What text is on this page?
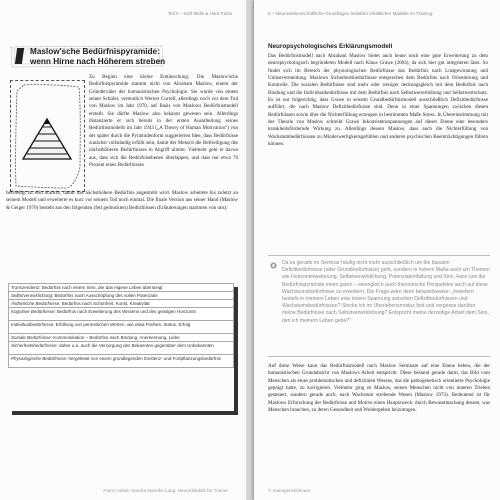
Teil II – Soft Skills & Hard Facts
Maslow'sche Bedürfnispyramide:
wenn Hirne nach Höherem streben

Zu Beginn eine kleine Enttäuschung: Die Maslow'sche Bedürfnispyramide stammt nicht von Abraham Maslow, einem der Gründerväter der humanistischen Psychologie. Sie wurde von einem seiner Schüler, vermutlich Werner Correll, allerdings noch vor dem Tod von Maslow im Jahr 1970, auf Basis von Maslows Bedürfnismodell erstellt. Sie dürfte Maslow also bekannt gewesen sein. Allerdings distanzierte er sich bereits in der ersten Ausarbeitung seines Bedürfnismodells im Jahr 1943 („A Theory of Human Motivation") von der später durch die Pyramidenform suggerierten Idee, dass Bedürfnisse zunächst vollständig erfüllt sein, damit der Mensch die Befriedigung des nächsthöheren Bedürfnisses in Angriff nimmt. Vielmehr geht er davon aus, dass sich die Bedürfnisebenen überlappen, und dass nur etwa 70 Prozent eines Bedürfnisses

befriedigt zu sein braucht, damit das nächsthöhere Bedürfnis angestrebt wird. Maslow arbeitete bis zuletzt an seinem Modell und erweiterte es kurz vor seinem Tod noch einmal. Die finale Version aus seiner Hand (Maslow & Geiger 1970) besteht aus den folgenden (fett gedruckten) Bedürfnissen (Erläuterungen stammen von uns):

Transzendenz: Bedürfnis nach einem Sinn, der das eigene Leben übersteigt
Selbstverwirklichung: Bedürfnis nach Ausschöpfung des vollen Potenzials
Ästhetische Bedürfnisse: Bedürfnis nach Schönheit, Kunst, Kreativität
Kognitive Bedürfnisse: Bedürfnis nach Erweiterung des Wissens und des geistigen Horizonts
Individualbedürfnisse: Erfüllung von persönlichen Werten, wie etwa Freiheit, Status, Erfolg
Soziale Bedürfnisse: Kommunikation – Bedürfnis nach Bindung, Anerkennung, Liebe
Sicherheitsbedürfnisse: daher u.a. auch die Versorgung des Bekannten gegenüber dem Unbekannten
Physiologische Bedürfnisse: hergeleitet von einem grundlegenden Existenz- und Fortpflanzungsbedürfnis
Franz Hütter, Sandra Mareike Lang: Neurodidaktik für Trainer
5 – Neurowissenschaftliche Grundlagen beliebter inhaltlicher Modelle im Training
Neuropsychologisches Erklärungsmodell

Das Bedürfnismodell nach Abraham Maslow bietet auch heute noch eine gute Erweiterung zu dem neuropsychologisch begründeten Modell nach Klaus Grawe (2004), da sich hier gut integrieren lässt. So findet sich im Bereich der physiologischen Bedürfnisse das Bedürfnis nach Lustgewinnung und Unlustvermeidung. Maslows Sicherheitsbedürfnisse entsprechen dem Bedürfnis nach Orientierung und Kontrolle. Die sozialen Bedürfnisse sind mehr oder weniger deckungsgleich mit dem Bedürfnis nach Bindung und die Individualbedürfnisse mit dem Bedürfnis nach Selbstwerterhöhung und Selbstwertschutz. Es ist nur folgerichtig, dass Grawe in seinem Grundbedürfnismodell ausschließlich Defizitbedürfnisse aufführt, die nach Maslow Defizitbedürfnisse sind. Denn in einer Spannungen zwischen diesen Bedürfnissen sowie über die Nichterfüllung erzeugen in bestimmten Maße Stress. In Übereinstimmung mit der Theorie von Maslow schreibt Grawe Inkonsistenzspannungen auf dieser Ebene eine besonders krankheitsfördernde Wirkung zu. Allerdings dessen Maslow, dass auch die Nichterfüllung von Wachstumbedürfnissen zu Minderwertigkeitsgefühlen und anderen psychischen Beeinträchtigungen führen können.

Da es gerade im Seminar häufig nicht mehr ausschließlich um die basalen Defizitbedürfnisse (oder Grundbedürfnisse) geht, sondern in hohem Maße auch um Themen wie Horizonterweiterung, Selbstverwirklichung, Potenzialentfaltung und Sinn, kann uns die Bedürfnispyramide einen guten – wenngleich auch theoretische Perspektive auch auf diese Wachstumsbedürfnisse zu erweitern. Die Frage wäre dann beispielsweise: „Inwiefern besteht in meinem Leben eine innere Spannung zwischen Defizitbedürfnissen und Wachstumsbedürfnissen? Stecke ich im Überlebensmodus fest und vergesse darüber meine Bedürfnisse nach Selbstverwirklichung? Entspricht meine derzeitige Arbeit dem Sinn, den ich meinem Leben gebe?"

Auf diese Weise kann das Bedürfnismodell nach Maslow Seminare auf eine Ebene heben, die der humanistischen Grundabsicht von Maslows Arbeit entspricht. Diese bestand gerade darin, das Bild vom Menschen als eines problematischen und defizitären Wesens, das die pathogenetisch orientierte Psychologie geprägt hatte, zu korrigieren. Vielmehr ging es Maslow, seinen Menschen nicht von inneren Trieben gesteuert, sondern gerade auch, nach Wachstum strebende Wesen (Maslow 1973). Bedeutend ist für Maslows Erforschung der Bedürfnisse und Motive einen Hauptzweck: durch Bewusstmachung dessen, was Menschen brauchen, zu deren Gesundheit und Wohlergehen beizutragen.

© managerSeminare
